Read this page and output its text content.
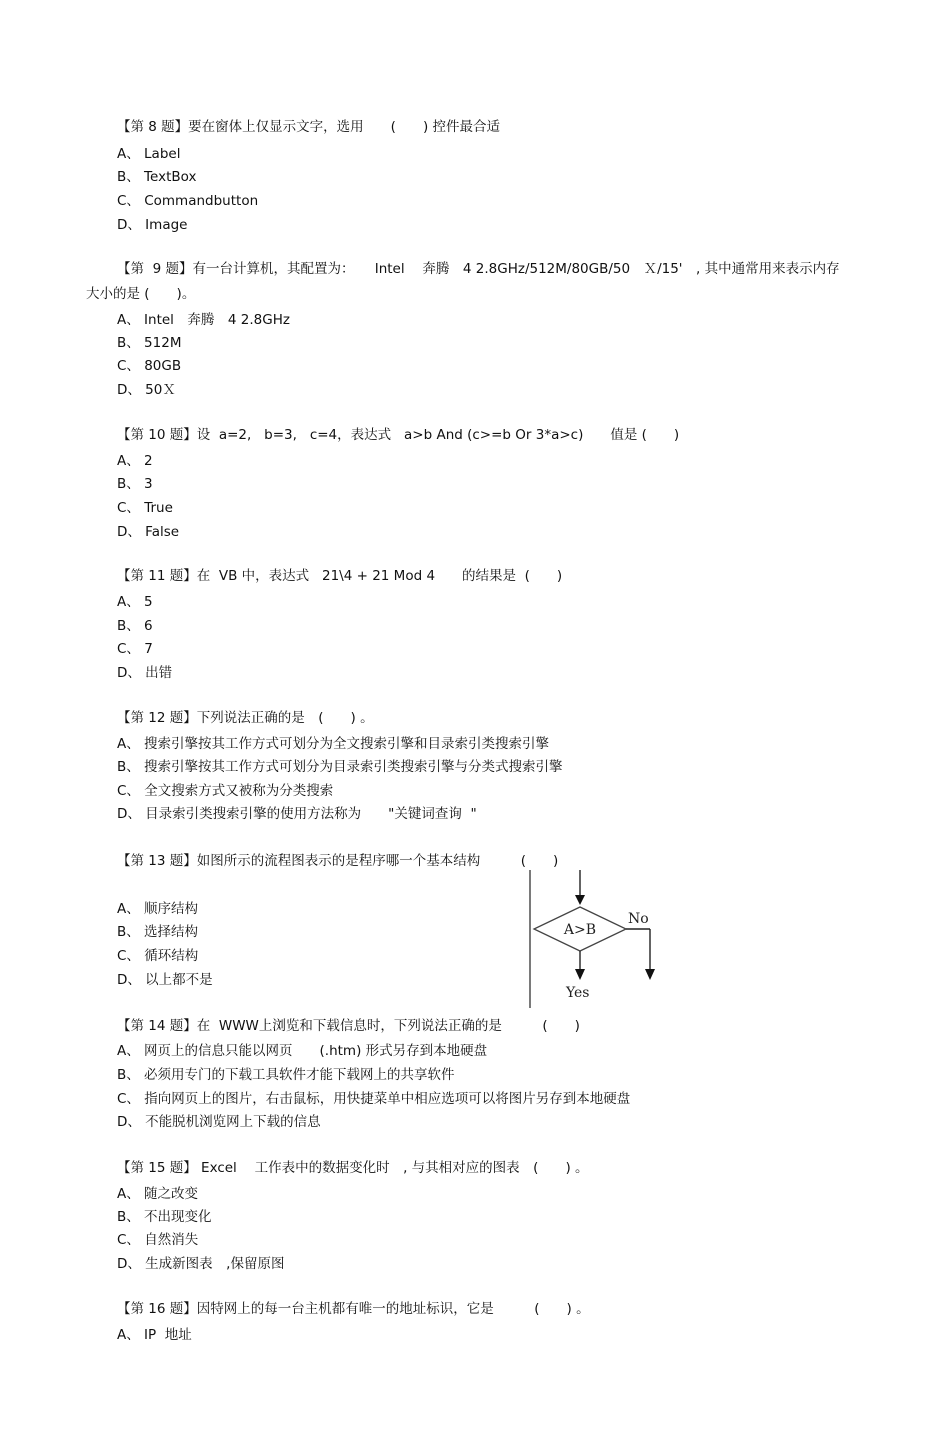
【第 8 题】要在窗体上仅显示文字，选用　　(　　) 控件最合适
A、 Label
B、 TextBox
C、 Commandbutton
D、 Image
【第  9 题】有一台计算机，其配置为：　　Intel　 奔腾　4 2.8GHz/512M/80GB/50　Ｘ/15'　, 其中通常用来表示内存
大小的是 (　　)。
A、 Intel　奔腾　4 2.8GHz
B、 512M
C、 80GB
D、 50Ｘ
【第 10 题】设  a=2,   b=3,   c=4，表达式   a>b And (c>=b Or 3*a>c)　　值是 (　　)
A、 2
B、 3
C、 True
D、 False
【第 11 题】在  VB 中，表达式   21\4 + 21 Mod 4　　的结果是  (　　)
A、 5
B、 6
C、 7
D、 出错
【第 12 题】下列说法正确的是　(　　) 。
A、 搜索引擎按其工作方式可划分为全文搜索引擎和目录索引类搜索引擎
B、 搜索引擎按其工作方式可划分为目录索引类搜索引擎与分类式搜索引擎
C、 全文搜索方式又被称为分类搜索
D、 目录索引类搜索引擎的使用方法称为　　"关键词查询  "
【第 13 题】如图所示的流程图表示的是程序哪一个基本结构　　　(　　)
A、 顺序结构
B、 选择结构
C、 循环结构
D、 以上都不是
A>B
No
Yes
【第 14 题】在  WWW上浏览和下载信息时，下列说法正确的是　　　(　　)
A、 网页上的信息只能以网页　　(.htm) 形式另存到本地硬盘
B、 必须用专门的下载工具软件才能下载网上的共享软件
C、 指向网页上的图片，右击鼠标，用快捷菜单中相应选项可以将图片另存到本地硬盘
D、 不能脱机浏览网上下载的信息
【第 15 题】 Excel　 工作表中的数据变化时　, 与其相对应的图表　(　　) 。
A、 随之改变
B、 不出现变化
C、 自然消失
D、 生成新图表　,保留原图
【第 16 题】因特网上的每一台主机都有唯一的地址标识，它是　　　(　　) 。
A、 IP  地址
